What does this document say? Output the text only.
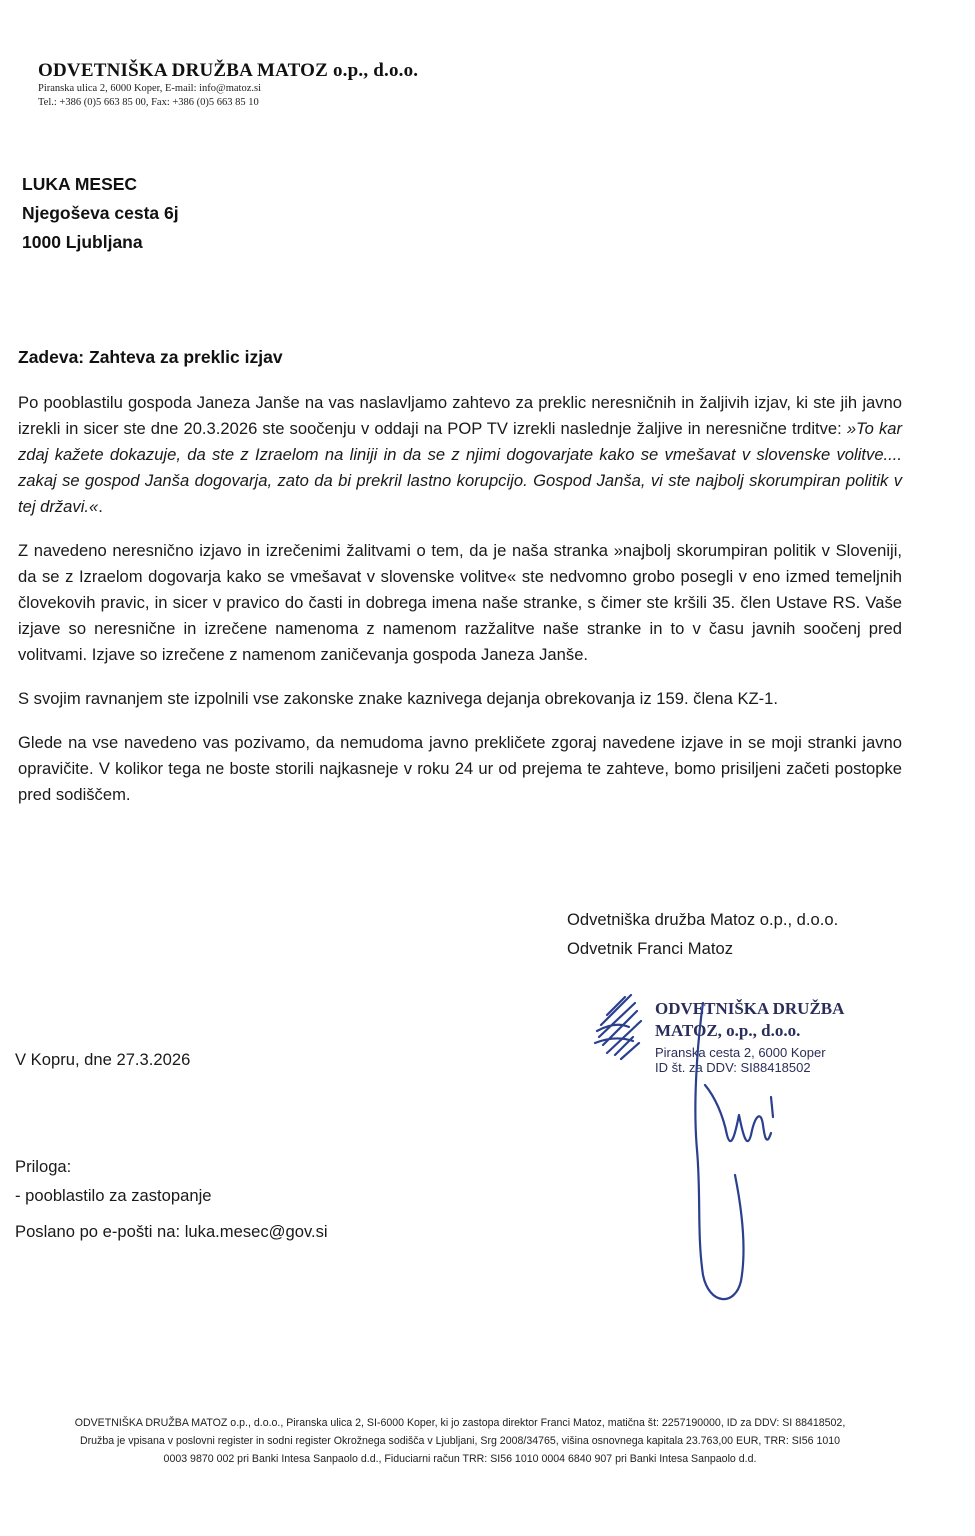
ODVETNIŠKA DRUŽBA MATOZ o.p., d.o.o.
Piranska ulica 2, 6000 Koper, E-mail: info@matoz.si
Tel.: +386 (0)5 663 85 00, Fax: +386 (0)5 663 85 10
LUKA MESEC
Njegoševa cesta 6j
1000 Ljubljana
Zadeva: Zahteva za preklic izjav

Po pooblastilu gospoda Janeza Janše na vas naslavljamo zahtevo za preklic neresničnih in žaljivih izjav, ki ste jih javno izrekli in sicer ste dne 20.3.2026 ste soočenju v oddaji na POP TV izrekli naslednje žaljive in neresnične trditve: »To kar zdaj kažete dokazuje, da ste z Izraelom na liniji in da se z njimi dogovarjate kako se vmešavat v slovenske volitve.... zakaj se gospod Janša dogovarja, zato da bi prekril lastno korupcijo. Gospod Janša, vi ste najbolj skorumpiran politik v tej državi.«.

Z navedeno neresnično izjavo in izrečenimi žalitvami o tem, da je naša stranka »najbolj skorumpiran politik v Sloveniji, da se z Izraelom dogovarja kako se vmešavat v slovenske volitve« ste nedvomno grobo posegli v eno izmed temeljnih človekovih pravic, in sicer v pravico do časti in dobrega imena naše stranke, s čimer ste kršili 35. člen Ustave RS. Vaše izjave so neresnične in izrečene namenoma z namenom razžalitve naše stranke in to v času javnih soočenj pred volitvami. Izjave so izrečene z namenom zaničevanja gospoda Janeza Janše.

S svojim ravnanjem ste izpolnili vse zakonske znake kaznivega dejanja obrekovanja iz 159. člena KZ-1.

Glede na vse navedeno vas pozivamo, da nemudoma javno prekličete zgoraj navedene izjave in se moji stranki javno opravičite. V kolikor tega ne boste storili najkasneje v roku 24 ur od prejema te zahteve, bomo prisiljeni začeti postopke pred sodiščem.

Odvetniška družba Matoz o.p., d.o.o.
Odvetnik Franci Matoz
ODVETNIŠKA DRUŽBA
MATOZ, o.p., d.o.o.
Piranska cesta 2, 6000 Koper
ID št. za DDV: SI88418502
V Kopru, dne 27.3.2026
Priloga:
- pooblastilo za zastopanje
Poslano po e-pošti na: luka.mesec@gov.si
ODVETNIŠKA DRUŽBA MATOZ o.p., d.o.o., Piranska ulica 2, SI-6000 Koper, ki jo zastopa direktor Franci Matoz, matična št: 2257190000, ID za DDV: SI 88418502,
Družba je vpisana v poslovni register in sodni register Okrožnega sodišča v Ljubljani, Srg 2008/34765, višina osnovnega kapitala 23.763,00 EUR, TRR: SI56 1010
0003 9870 002 pri Banki Intesa Sanpaolo d.d., Fiduciarni račun TRR: SI56 1010 0004 6840 907 pri Banki Intesa Sanpaolo d.d.
